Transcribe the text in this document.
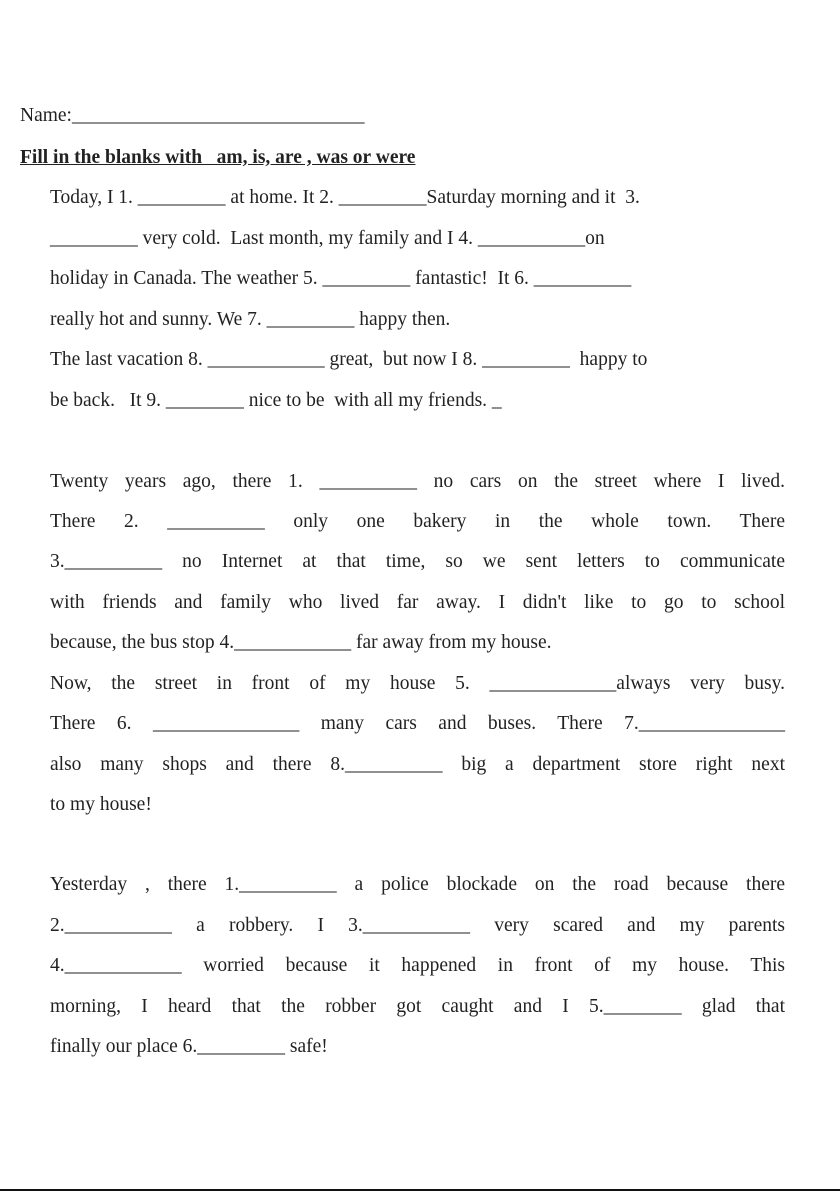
Name:______________________________
Fill in the blanks with   am, is, are , was or were
Today, I 1. _________ at home. It 2. _________Saturday morning and it  3.
_________ very cold.  Last month, my family and I 4. ___________on
holiday in Canada. The weather 5. _________ fantastic!  It 6. __________
really hot and sunny. We 7. _________ happy then.
The last vacation 8. ____________ great,  but now I 8. _________  happy to
be back.   It 9. ________ nice to be  with all my friends. _
Twenty years ago, there 1. __________ no cars on the street where I lived.
There 2. __________ only one bakery in the whole town. There
3.__________ no Internet at that time, so we sent letters to communicate
with friends and family who lived far away. I didn't like to go to school
because, the bus stop 4.____________ far away from my house.
Now, the street in front of my house 5. _____________always very busy.
There 6. _______________ many cars and buses. There 7._______________
also many shops and there 8.__________ big a department store right next
to my house!
Yesterday , there 1.__________ a police blockade on the road because there
2.___________ a robbery. I 3.___________ very scared and my parents
4.____________ worried because it happened in front of my house. This
morning, I heard that the robber got caught and I 5.________ glad that
finally our place 6._________ safe!
